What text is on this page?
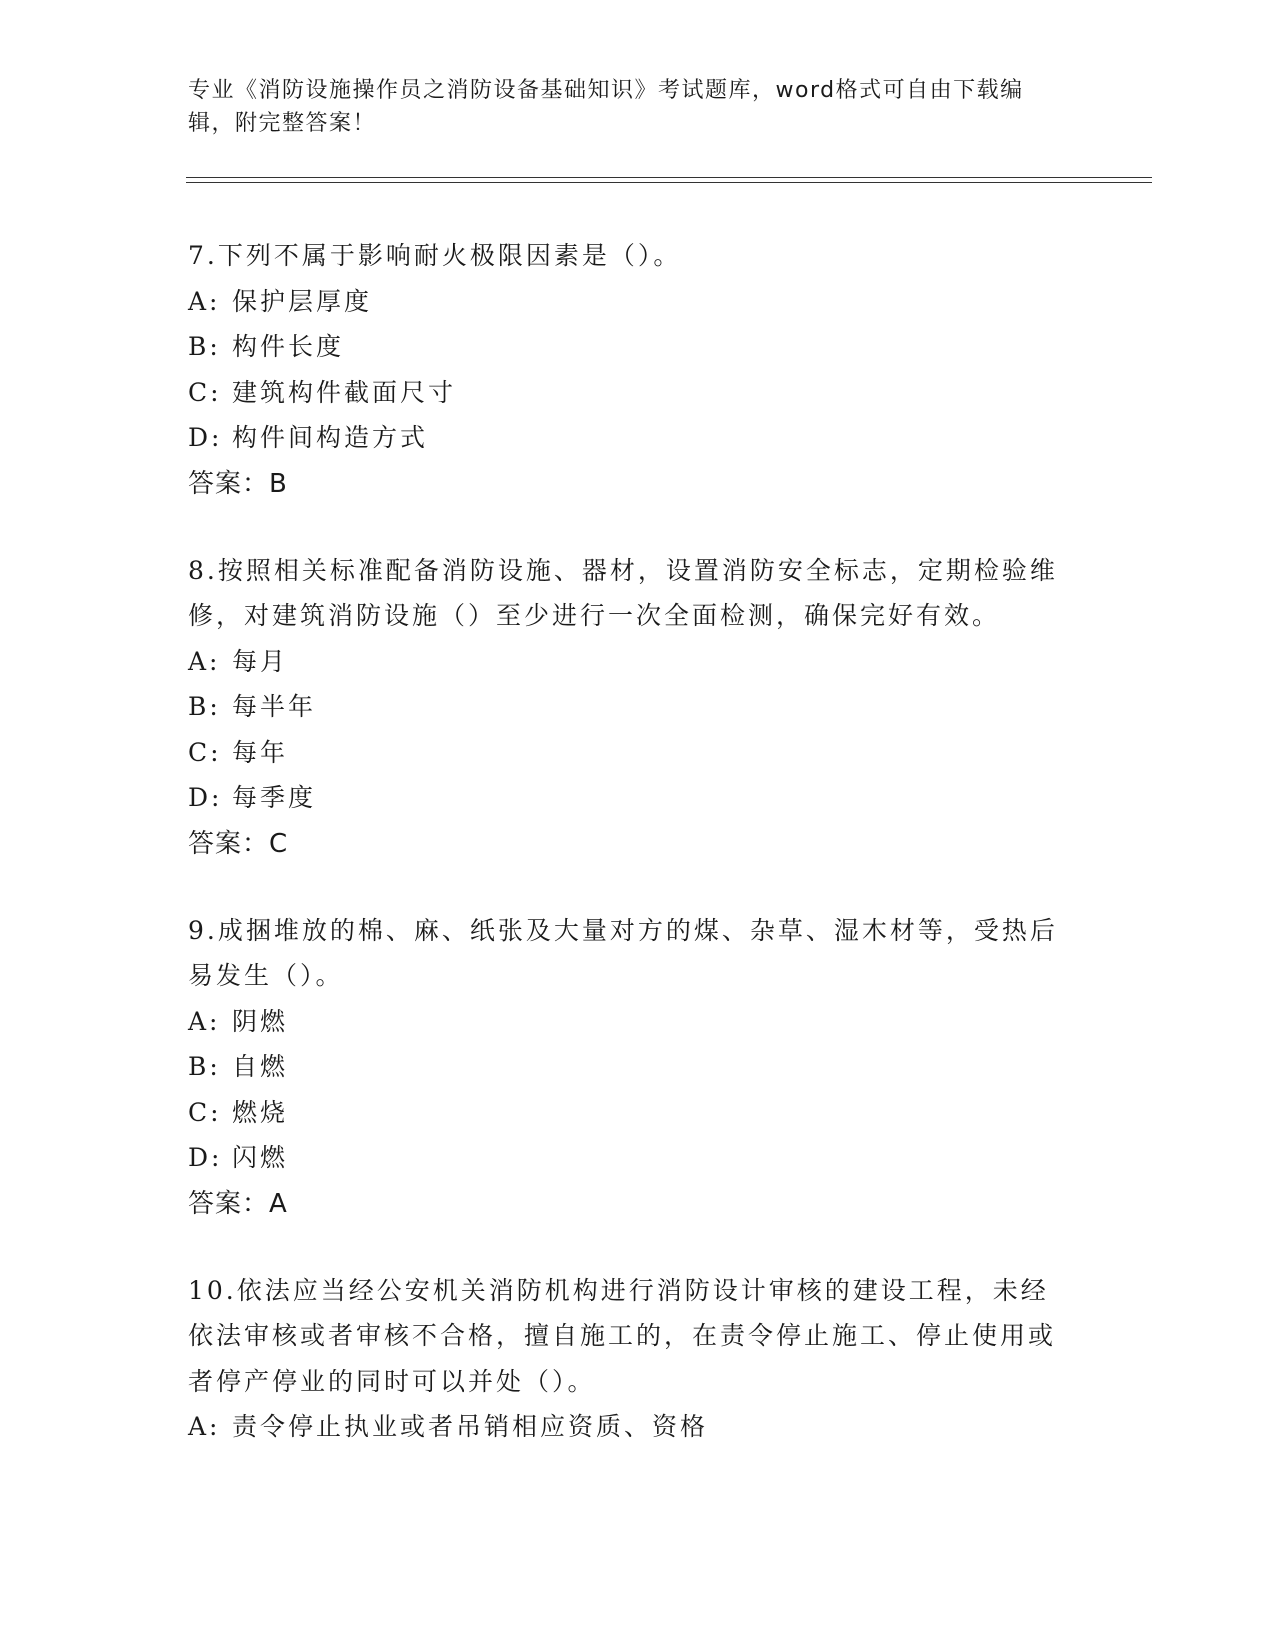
专业《消防设施操作员之消防设备基础知识》考试题库，word格式可自由下载编辑，附完整答案！

7.下列不属于影响耐火极限因素是（）。

A: 保护层厚度

B: 构件长度

C: 建筑构件截面尺寸

D: 构件间构造方式

答案：B

8.按照相关标准配备消防设施、器材，设置消防安全标志，定期检验维修，对建筑消防设施（）至少进行一次全面检测，确保完好有效。

A: 每月

B: 每半年

C: 每年

D: 每季度

答案：C

9.成捆堆放的棉、麻、纸张及大量对方的煤、杂草、湿木材等，受热后易发生（）。

A: 阴燃

B: 自燃

C: 燃烧

D: 闪燃

答案：A

10.依法应当经公安机关消防机构进行消防设计审核的建设工程，未经依法审核或者审核不合格，擅自施工的，在责令停止施工、停止使用或者停产停业的同时可以并处（）。

A: 责令停止执业或者吊销相应资质、资格
